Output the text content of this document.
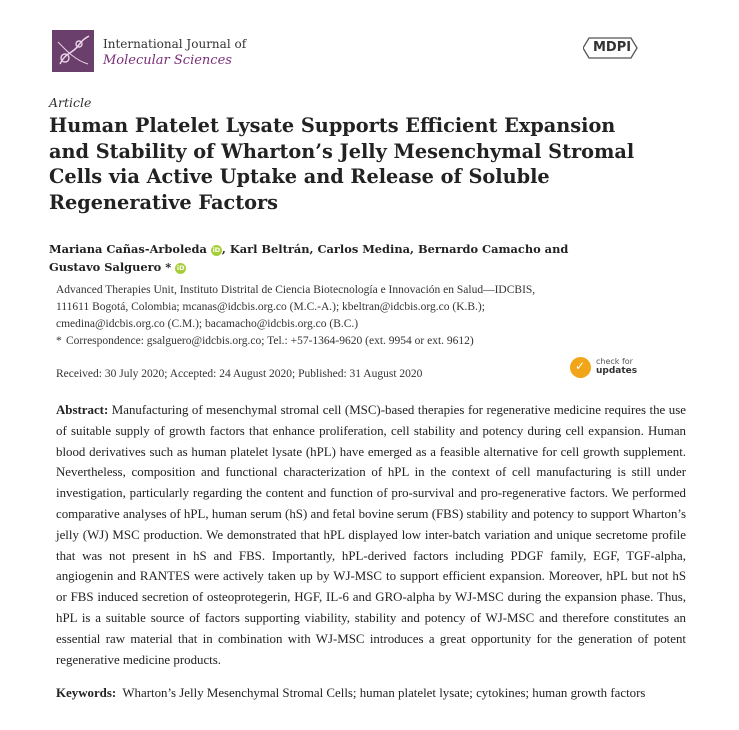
International Journal of
Molecular Sciences
MDPI
Article
Human Platelet Lysate Supports Efficient Expansion and Stability of Wharton’s Jelly Mesenchymal Stromal Cells via Active Uptake and Release of Soluble Regenerative Factors
Mariana Cañas-Arboleda iD , Karl Beltrán, Carlos Medina, Bernardo Camacho and
Gustavo Salguero * iD
Advanced Therapies Unit, Instituto Distrital de Ciencia Biotecnología e Innovación en Salud—IDCBIS,
111611 Bogotá, Colombia; mcanas@idcbis.org.co (M.C.-A.); kbeltran@idcbis.org.co (K.B.);
cmedina@idcbis.org.co (C.M.); bacamacho@idcbis.org.co (B.C.)
* Correspondence: gsalguero@idcbis.org.co; Tel.: +57-1364-9620 (ext. 9954 or ext. 9612)
Received: 30 July 2020; Accepted: 24 August 2020; Published: 31 August 2020
✓ check for
updates
Abstract: Manufacturing of mesenchymal stromal cell (MSC)-based therapies for regenerative medicine requires the use of suitable supply of growth factors that enhance proliferation, cell stability and potency during cell expansion. Human blood derivatives such as human platelet lysate (hPL) have emerged as a feasible alternative for cell growth supplement. Nevertheless, composition and functional characterization of hPL in the context of cell manufacturing is still under investigation, particularly regarding the content and function of pro-survival and pro-regenerative factors. We performed comparative analyses of hPL, human serum (hS) and fetal bovine serum (FBS) stability and potency to support Wharton’s jelly (WJ) MSC production. We demonstrated that hPL displayed low inter-batch variation and unique secretome profile that was not present in hS and FBS. Importantly, hPL-derived factors including PDGF family, EGF, TGF-alpha, angiogenin and RANTES were actively taken up by WJ-MSC to support efficient expansion. Moreover, hPL but not hS or FBS induced secretion of osteoprotegerin, HGF, IL-6 and GRO-alpha by WJ-MSC during the expansion phase. Thus, hPL is a suitable source of factors supporting viability, stability and potency of WJ-MSC and therefore constitutes an essential raw material that in combination with WJ-MSC introduces a great opportunity for the generation of potent regenerative medicine products.
Keywords: Wharton’s Jelly Mesenchymal Stromal Cells; human platelet lysate; cytokines; human growth factors
